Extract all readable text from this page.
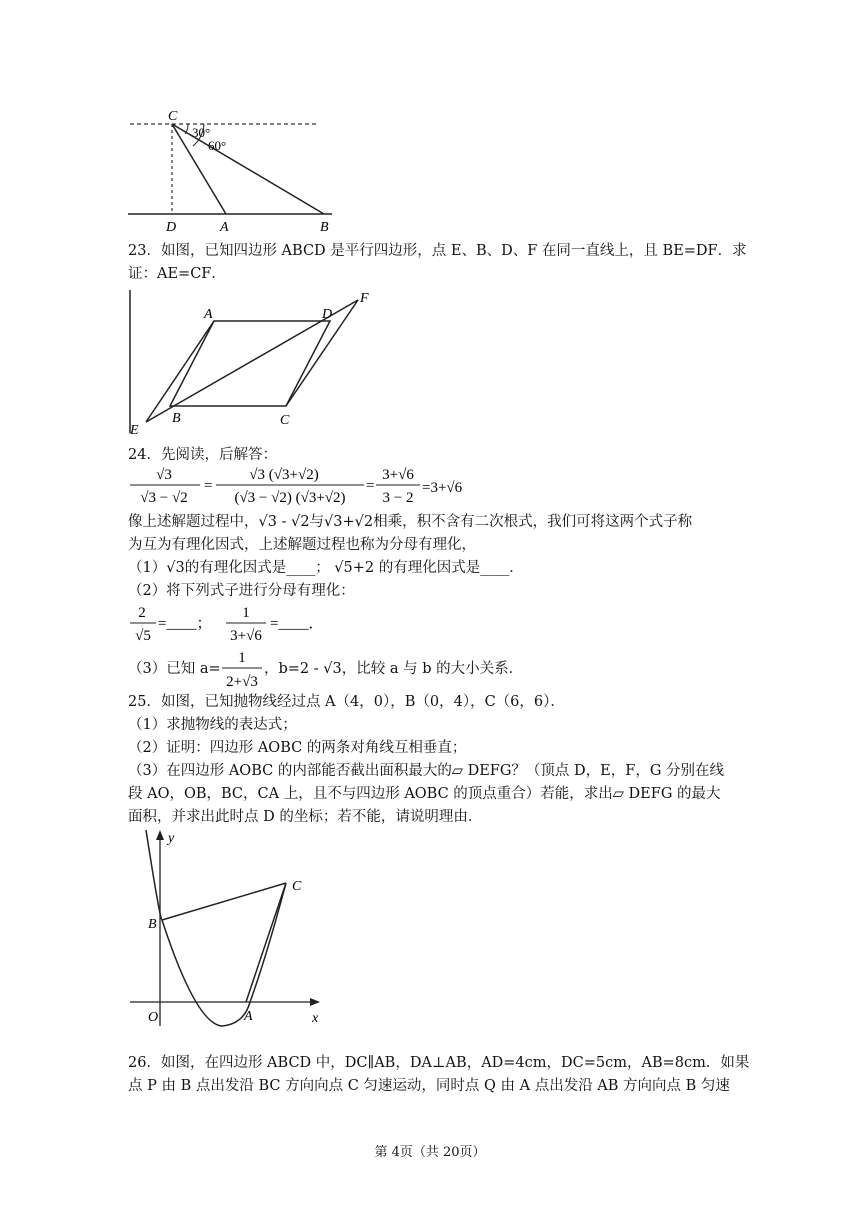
C
30°
60°
D	A	B
23．如图，已知四边形 ABCD 是平行四边形，点 E、B、D、F 在同一直线上，且 BE=DF．求
证：AE=CF．
A	D
F
B	C
E
24．先阅读，后解答：
√3
√3 − √2
=
√3 (√3+√2)
(√3 − √2) (√3+√2)
=
3+√6
3 − 2
=3+√6
像上述解题过程中，√3 - √2与√3+√2相乘，积不含有二次根式，我们可将这两个式子称
为互为有理化因式，上述解题过程也称为分母有理化，
（1）√3的有理化因式是____； √5+2 的有理化因式是____．
（2）将下列式子进行分母有理化：
2
√5
=____；
1
3+√6
=____．
（3）已知 a=
1
2+√3
，b=2 - √3，比较 a 与 b 的大小关系．
25．如图，已知抛物线经过点 A（4，0），B（0，4），C（6，6）．
（1）求抛物线的表达式；
（2）证明：四边形 AOBC 的两条对角线互相垂直；
（3）在四边形 AOBC 的内部能否截出面积最大的▱ DEFG？（顶点 D，E，F，G 分别在线
段 AO，OB，BC，CA 上，且不与四边形 AOBC 的顶点重合）若能，求出▱ DEFG 的最大
面积，并求出此时点 D 的坐标；若不能，请说明理由．
y
x
O	A
B
C
26．如图，在四边形 ABCD 中，DC∥AB，DA⊥AB，AD=4cm，DC=5cm，AB=8cm．如果
点 P 由 B 点出发沿 BC 方向向点 C 匀速运动，同时点 Q 由 A 点出发沿 AB 方向向点 B 匀速
第 4页（共 20页）
